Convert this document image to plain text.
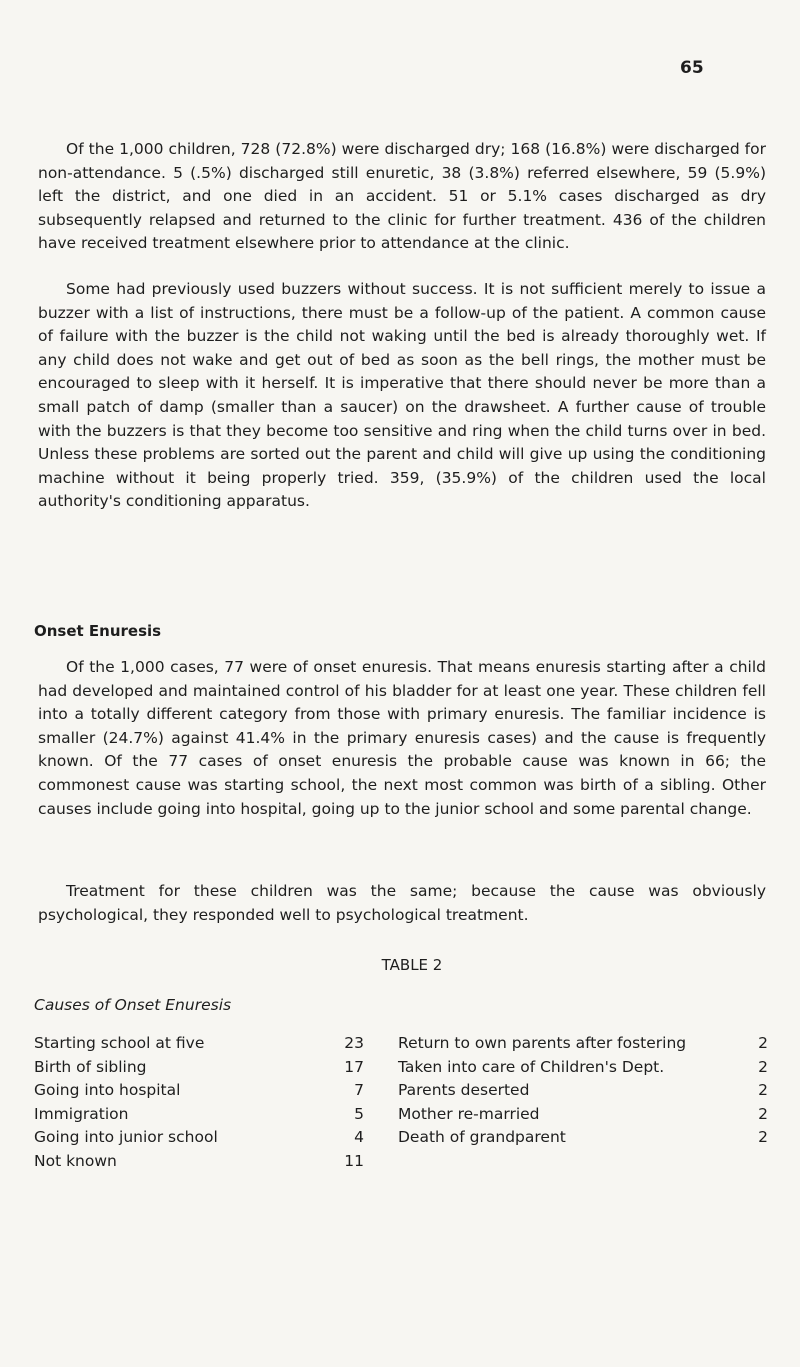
65

Of the 1,000 children, 728 (72.8%) were discharged dry; 168 (16.8%) were discharged for non-attendance. 5 (.5%) discharged still enuretic, 38 (3.8%) referred elsewhere, 59 (5.9%) left the district, and one died in an accident. 51 or 5.1% cases discharged as dry subsequently relapsed and returned to the clinic for further treatment. 436 of the children have received treatment elsewhere prior to attendance at the clinic.

Some had previously used buzzers without success. It is not sufficient merely to issue a buzzer with a list of instructions, there must be a follow-up of the patient. A common cause of failure with the buzzer is the child not waking until the bed is already thoroughly wet. If any child does not wake and get out of bed as soon as the bell rings, the mother must be encouraged to sleep with it herself. It is imperative that there should never be more than a small patch of damp (smaller than a saucer) on the drawsheet. A further cause of trouble with the buzzers is that they become too sensitive and ring when the child turns over in bed. Unless these problems are sorted out the parent and child will give up using the conditioning machine without it being properly tried. 359, (35.9%) of the children used the local authority's conditioning apparatus.

Onset Enuresis

Of the 1,000 cases, 77 were of onset enuresis. That means enuresis starting after a child had developed and maintained control of his bladder for at least one year. These children fell into a totally different category from those with primary enuresis. The familiar incidence is smaller (24.7%) against 41.4% in the primary enuresis cases) and the cause is frequently known. Of the 77 cases of onset enuresis the probable cause was known in 66; the commonest cause was starting school, the next most common was birth of a sibling. Other causes include going into hospital, going up to the junior school and some parental change.

Treatment for these children was the same; because the cause was obviously psychological, they responded well to psychological treatment.

TABLE 2

Causes of Onset Enuresis

Starting school at five	23 Return to own parents after fostering	2
Birth of sibling	17 Taken into care of Children's Dept.	2
Going into hospital	7 Parents deserted	2
Immigration	5 Mother re-married	2
Going into junior school	4 Death of grandparent	2
Not known	11
